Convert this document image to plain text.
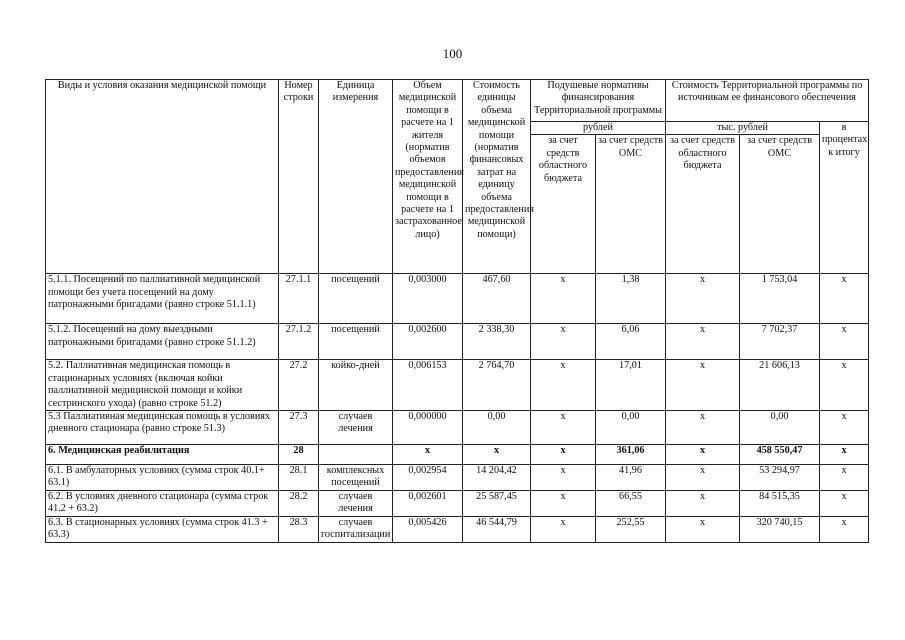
100
Виды и условия оказания медицинской помощи	Номер строки	Единица измерения	Объем медицинской помощи в расчете на 1 жителя (норматив объемов предоставления медицинской помощи в расчете на 1 застрахованное лицо)	Стоимость единицы объема медицинской помощи (норматив финансовых затрат на единицу объема предоставления медицинской помощи)	Подушевые нормативы финансирования Территориальной программы		Стоимость Территориальной программы по источникам ее финансового обеспечения		
					рублей		тыс. рублей		в процентах к итогу
					за счет средств областного бюджета	за счет средств ОМС	за счет средств областного бюджета	за счет средств ОМС	
5.1.1. Посещений по паллиативной медицинской помощи без учета посещений на дому патронажными бригадами (равно строке 51.1.1)	27.1.1	посещений	0,003000	467,60	х	1,38	х	1 753,04	х
5.1.2. Посещений на дому выездными патронажными бригадами (равно строке 51.1.2)	27.1.2	посещений	0,002600	2 338,30	х	6,06	х	7 702,37	х
5.2. Паллиативная медицинская помощь в стационарных условиях (включая койки паллиативной медицинской помощи и койки сестринского ухода) (равно строке 51.2)	27.2	койко-дней	0,006153	2 764,70	х	17,01	х	21 606,13	х
5.3 Паллиативная медицинская помощь в условиях дневного стационара (равно строке 51.3)	27.3	случаев лечения	0,000000	0,00	х	0,00	х	0,00	х
6. Медицинская реабилитация	28		х	х	х	361,06	х	458 550,47	х
6.1. В амбулаторных условиях (сумма строк 40.1+ 63.1)	28.1	комплексных посещений	0,002954	14 204,42	х	41,96	х	53 294,97	х
6.2. В условиях дневного стационара (сумма строк 41.2 + 63.2)	28.2	случаев лечения	0,002601	25 587,45	х	66,55	х	84 515,35	х
6.3. В стационарных условиях (сумма строк 41.3 + 63.3)	28.3	случаев госпитализации	0,005426	46 544,79	х	252,55	х	320 740,15	х
